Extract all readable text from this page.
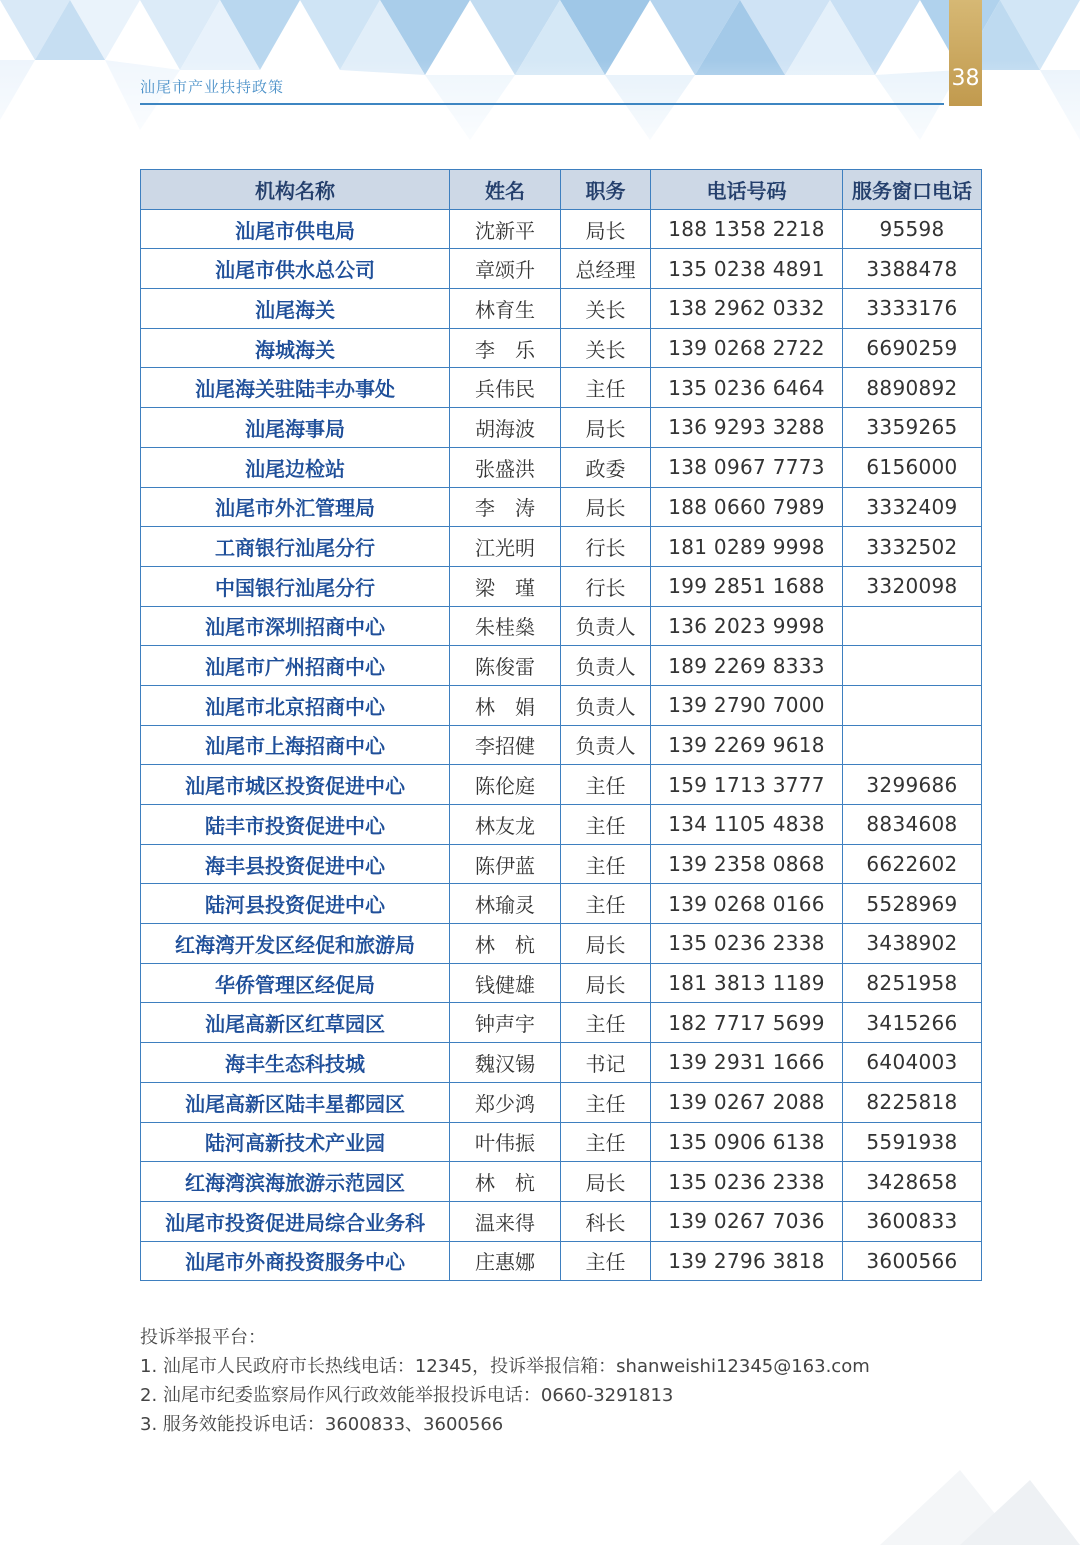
汕尾市产业扶持政策	38
机构名称	姓名	职务	电话号码	服务窗口电话
汕尾市供电局	沈新平	局长	188 1358 2218	95598
汕尾市供水总公司	章颂升	总经理	135 0238 4891	3388478
汕尾海关	林育生	关长	138 2962 0332	3333176
海城海关	李　乐	关长	139 0268 2722	6690259
汕尾海关驻陆丰办事处	兵伟民	主任	135 0236 6464	8890892
汕尾海事局	胡海波	局长	136 9293 3288	3359265
汕尾边检站	张盛洪	政委	138 0967 7773	6156000
汕尾市外汇管理局	李　涛	局长	188 0660 7989	3332409
工商银行汕尾分行	江光明	行长	181 0289 9998	3332502
中国银行汕尾分行	梁　瑾	行长	199 2851 1688	3320098
汕尾市深圳招商中心	朱桂燊	负责人	136 2023 9998	
汕尾市广州招商中心	陈俊雷	负责人	189 2269 8333	
汕尾市北京招商中心	林　娟	负责人	139 2790 7000	
汕尾市上海招商中心	李招健	负责人	139 2269 9618	
汕尾市城区投资促进中心	陈伦庭	主任	159 1713 3777	3299686
陆丰市投资促进中心	林友龙	主任	134 1105 4838	8834608
海丰县投资促进中心	陈伊蓝	主任	139 2358 0868	6622602
陆河县投资促进中心	林瑜灵	主任	139 0268 0166	5528969
红海湾开发区经促和旅游局	林　杭	局长	135 0236 2338	3438902
华侨管理区经促局	钱健雄	局长	181 3813 1189	8251958
汕尾高新区红草园区	钟声宇	主任	182 7717 5699	3415266
海丰生态科技城	魏汉锡	书记	139 2931 1666	6404003
汕尾高新区陆丰星都园区	郑少鸿	主任	139 0267 2088	8225818
陆河高新技术产业园	叶伟振	主任	135 0906 6138	5591938
红海湾滨海旅游示范园区	林　杭	局长	135 0236 2338	3428658
汕尾市投资促进局综合业务科	温来得	科长	139 0267 7036	3600833
汕尾市外商投资服务中心	庄惠娜	主任	139 2796 3818	3600566
投诉举报平台：
1. 汕尾市人民政府市长热线电话：12345，投诉举报信箱：shanweishi12345@163.com
2. 汕尾市纪委监察局作风行政效能举报投诉电话：0660-3291813
3. 服务效能投诉电话：3600833、3600566
